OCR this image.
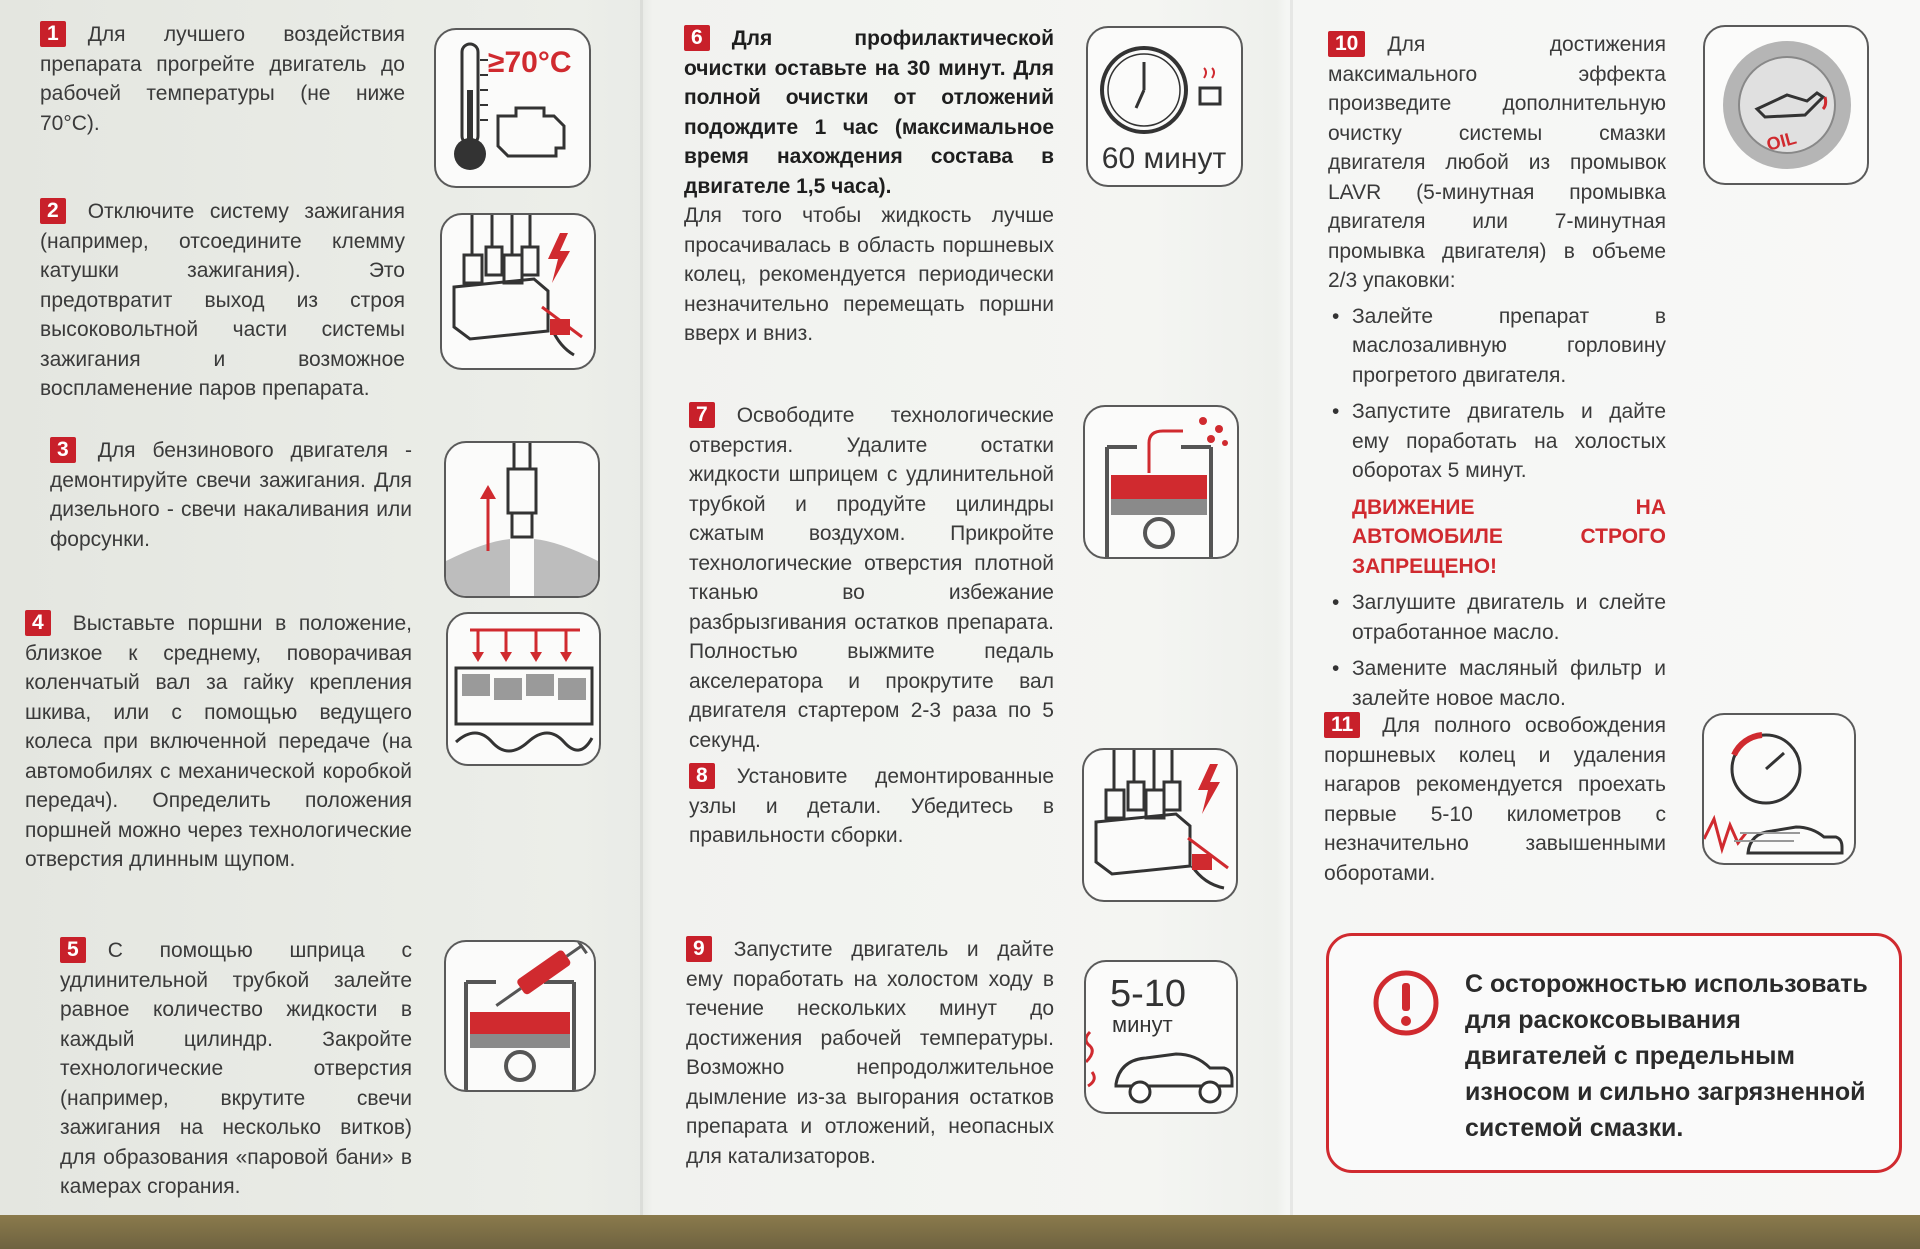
1 Для лучшего воздействия препарата прогрейте двигатель до рабочей температуры (не ниже 70°С).
≥70°C
2 Отключите систему зажигания (например, отсоедините клемму катушки зажигания). Это предотвратит выход из строя высоковольтной части системы зажигания и возможное воспламенение паров препарата.
3 Для бензинового двигателя - демонтируйте свечи зажигания. Для дизельного - свечи накаливания или форсунки.
4 Выставьте поршни в положение, близкое к среднему, поворачивая коленчатый вал за гайку крепления шкива, или с помощью ведущего колеса при включенной передаче (на автомобилях с механической коробкой передач). Определить положения поршней можно через технологические отверстия длинным щупом.
5 С помощью шприца с удлинительной трубкой залейте равное количество жидкости в каждый цилиндр. Закройте технологические отверстия (например, вкрутите свечи зажигания на несколько витков) для образования «паровой бани» в камерах сгорания.
6 Для профилактической очистки оставьте на 30 минут. Для полной очистки от отложений подождите 1 час (максимальное время нахождения состава в двигателе 1,5 часа).
Для того чтобы жидкость лучше просачивалась в область поршневых колец, рекомендуется периодически незначительно перемещать поршни вверх и вниз.
60 минут
7 Освободите технологические отверстия. Удалите остатки жидкости шприцем с удлинительной трубкой и продуйте цилиндры сжатым воздухом. Прикройте технологические отверстия плотной тканью во избежание разбрызгивания остатков препарата. Полностью выжмите педаль акселератора и прокрутите вал двигателя стартером 2-3 раза по 5 секунд.
8 Установите демонтированные узлы и детали. Убедитесь в правильности сборки.
9 Запустите двигатель и дайте ему поработать на холостом ходу в течение нескольких минут до достижения рабочей температуры. Возможно непродолжительное дымление из-за выгорания остатков препарата и отложений, неопасных для катализаторов.
5-10
минут
10 Для достижения максимального эффекта произведите дополнительную очистку системы смазки двигателя любой из промывок LAVR (5-минутная промывка двигателя или 7-минутная промывка двигателя) в объеме 2/3 упаковки:
• Залейте препарат в маслозаливную горловину прогретого двигателя.
• Запустите двигатель и дайте ему поработать на холостых оборотах 5 минут.
ДВИЖЕНИЕ НА АВТОМОБИЛЕ СТРОГО ЗАПРЕЩЕНО!
• Заглушите двигатель и слейте отработанное масло.
• Замените масляный фильтр и залейте новое масло.
OIL
11 Для полного освобождения поршневых колец и удаления нагаров рекомендуется проехать первые 5-10 километров с незначительно завышенными оборотами.
С осторожностью использовать для раскоксовывания двигателей с предельным износом и сильно загрязненной системой смазки.
